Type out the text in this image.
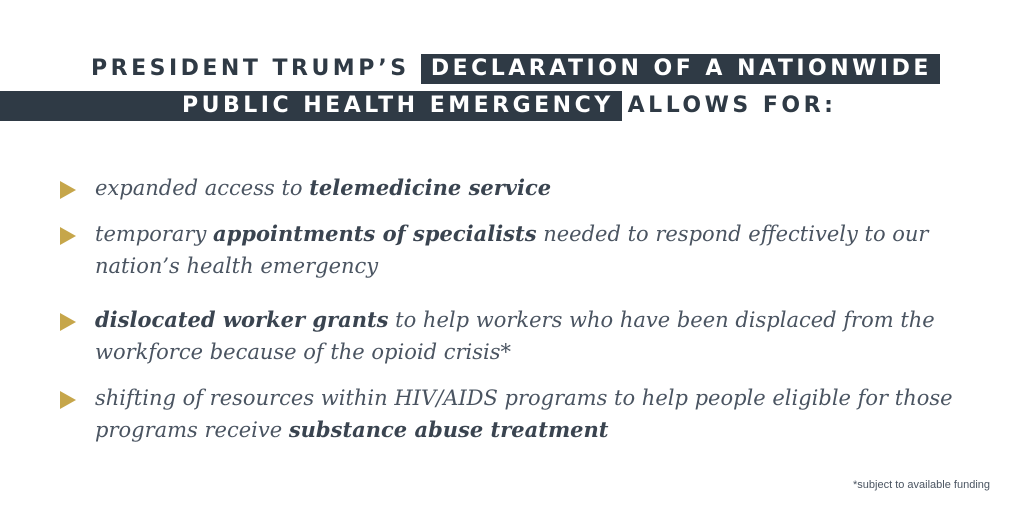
PRESIDENT TRUMP’S DECLARATION OF A NATIONWIDE
PUBLIC HEALTH EMERGENCY ALLOWS FOR:
expanded access to telemedicine service
temporary appointments of specialists needed to respond effectively to our nation’s health emergency
dislocated worker grants to help workers who have been displaced from the workforce because of the opioid crisis*
shifting of resources within HIV/AIDS programs to help people eligible for those programs receive substance abuse treatment
*subject to available funding
